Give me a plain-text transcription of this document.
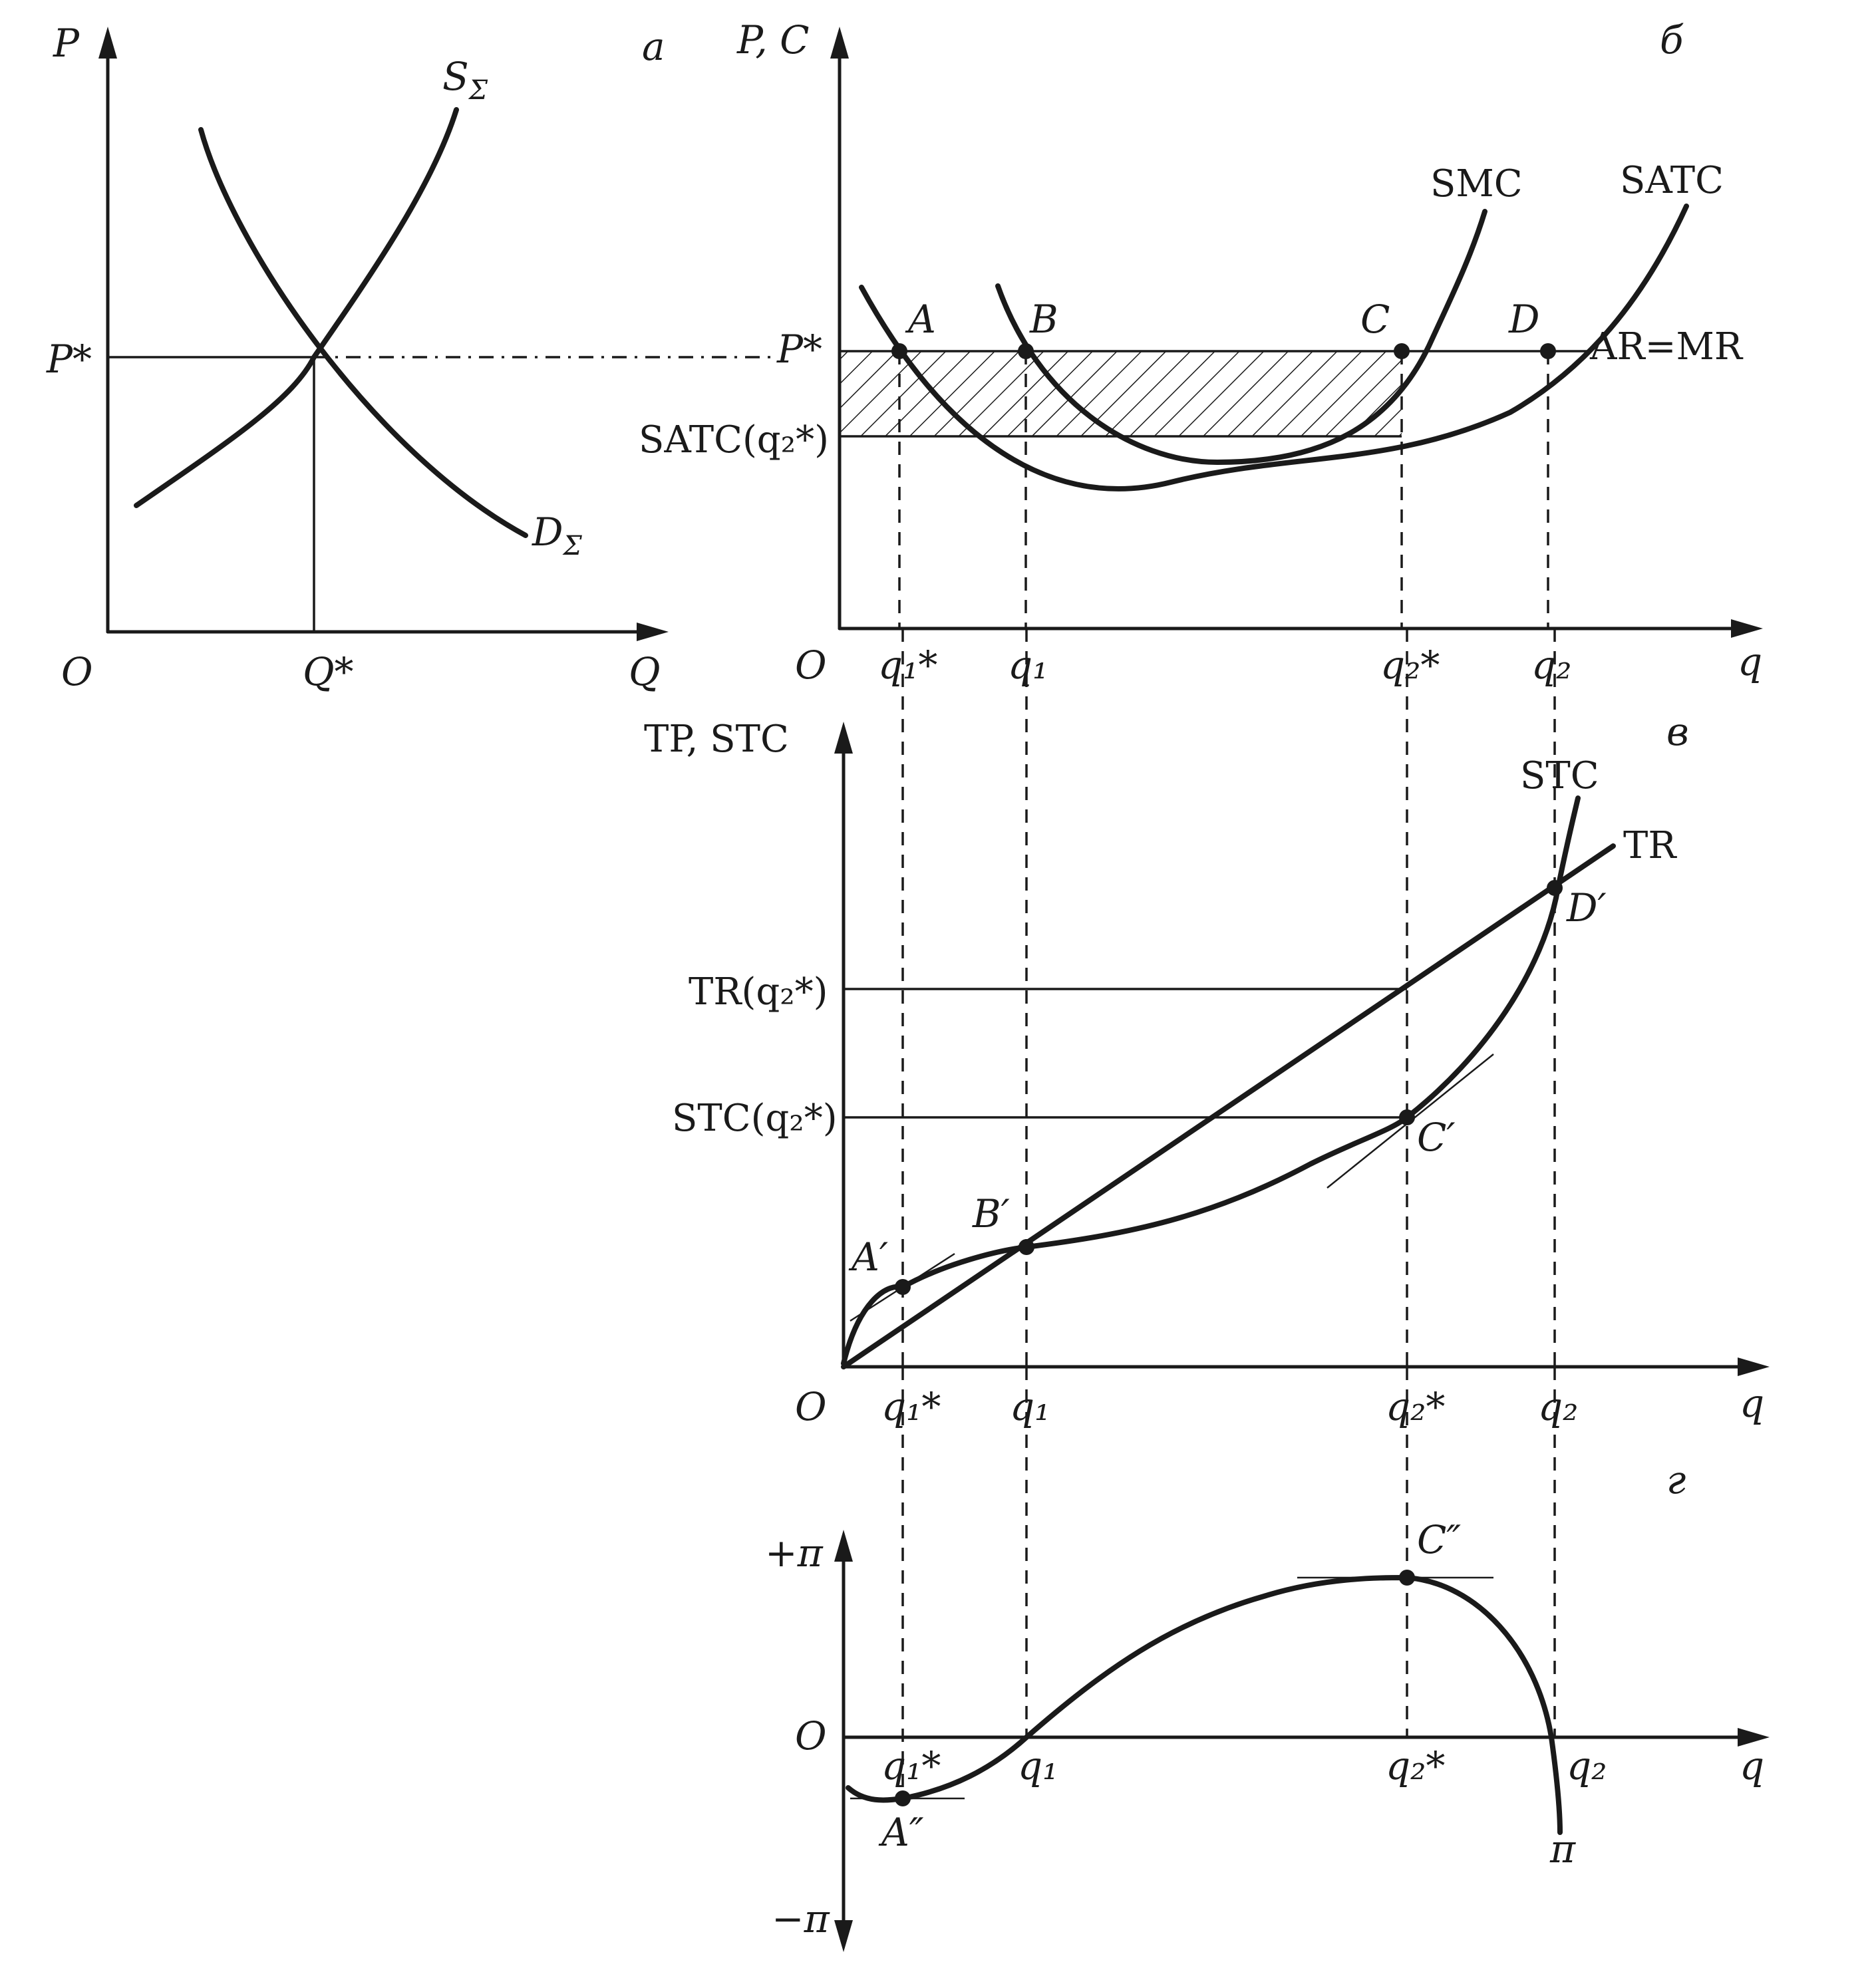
а
P
Q
O
P*
Q*
$S_\Sigma$
$D_\Sigma$
б
P, C
q
O
P*
SATC(q₂*)
SMC	SATC
AR=MR
A B	C	D
q₁* q₁	q₂* q₂
в
TP, STC
q
O
STC
TR
TR(q₂*)
STC(q₂*)
A′
B′
C′
D′
q₁* q₁	q₂* q₂
г
+π
−π
q
O
π
A″
C″
q₁* q₁	q₂*	q₂
